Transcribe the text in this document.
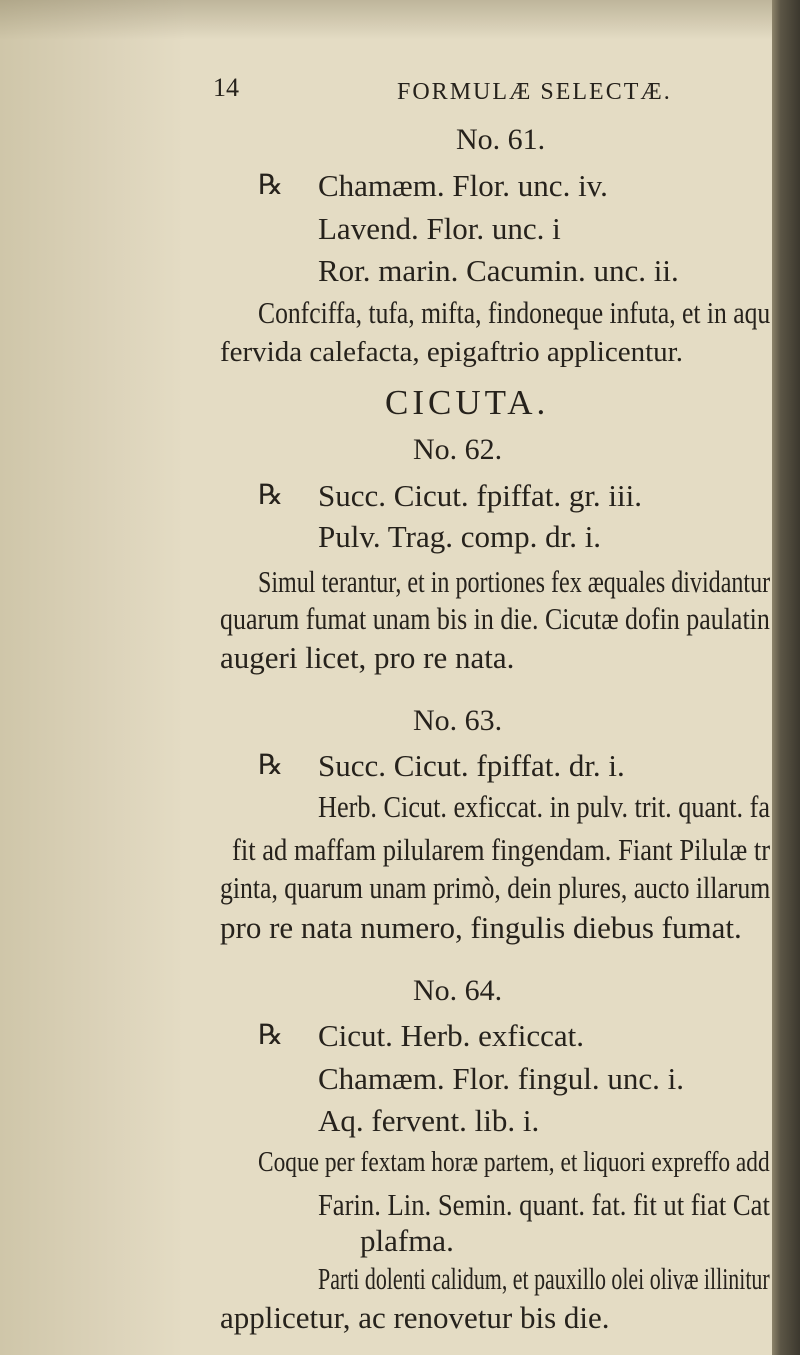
14	FORMULÆ SELECTÆ.
No. 61.
℞ Chamæm. Flor. unc. iv.
Lavend. Flor. unc. i
Ror. marin. Cacumin. unc. ii.
Confciffa, tufa, mifta, findoneque infuta, et in aqu
fervida calefacta, epigaftrio applicentur.
CICUTA.
No. 62.
℞ Succ. Cicut. fpiffat. gr. iii.
Pulv. Trag. comp. dr. i.
Simul terantur, et in portiones fex æquales dividantur
quarum fumat unam bis in die. Cicutæ dofin paulatin
augeri licet, pro re nata.
No. 63.
℞ Succ. Cicut. fpiffat. dr. i.
Herb. Cicut. exficcat. in pulv. trit. quant. fa
fit ad maffam pilularem fingendam. Fiant Pilulæ tr
ginta, quarum unam primò, dein plures, aucto illarum
pro re nata numero, fingulis diebus fumat.
No. 64.
℞ Cicut. Herb. exficcat.
Chamæm. Flor. fingul. unc. i.
Aq. fervent. lib. i.
Coque per fextam horæ partem, et liquori expreffo add
Farin. Lin. Semin. quant. fat. fit ut fiat Cat
plafma.
Parti dolenti calidum, et pauxillo olei olivæ illinitur
applicetur, ac renovetur bis die.
